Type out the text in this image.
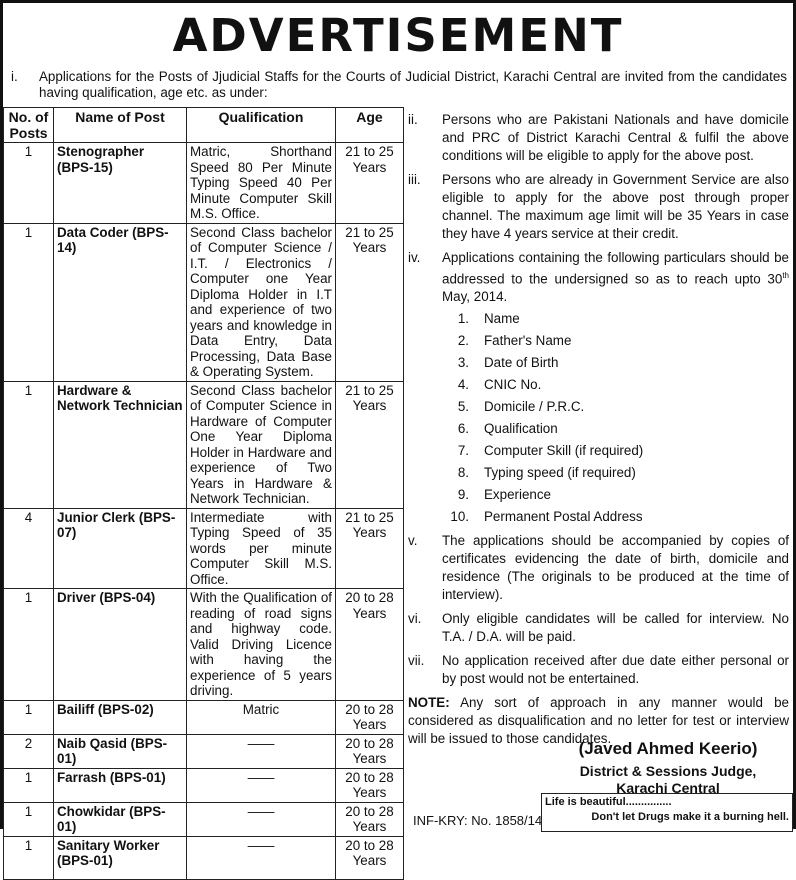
ADVERTISEMENT
i.	Applications for the Posts of Jjudicial Staffs for the Courts of Judicial District, Karachi Central are invited from the candidates having qualification, age etc. as under:
No. of Posts	Name of Post	Qualification	Age
1	Stenographer (BPS-15)	Matric, Shorthand Speed 80 Per Minute Typing Speed 40 Per Minute Computer Skill M.S. Office.	21 to 25 Years
1	Data Coder (BPS-14)	Second Class bachelor of Computer Science / I.T. / Electronics / Computer one Year Diploma Holder in I.T and experience of two years and knowledge in Data Entry, Data Processing, Data Base & Operating System.	21 to 25 Years
1	Hardware & Network Technician	Second Class bachelor of Computer Science in Hardware of Computer One Year Diploma Holder in Hardware and experience of Two Years in Hardware & Network Technician.	21 to 25 Years
4	Junior Clerk (BPS-07)	Intermediate with Typing Speed of 35 words per minute Computer Skill M.S. Office.	21 to 25 Years
1	Driver (BPS-04)	With the Qualification of reading of road signs and highway code. Valid Driving Licence with having the experience of 5 years driving.	20 to 28 Years
1	Bailiff (BPS-02)	Matric	20 to 28 Years
2	Naib Qasid (BPS-01)	——	20 to 28 Years
1	Farrash (BPS-01)	——	20 to 28 Years
1	Chowkidar (BPS-01)	——	20 to 28 Years
1	Sanitary Worker (BPS-01)	——	20 to 28 Years
ii.	Persons who are Pakistani Nationals and have domicile and PRC of District Karachi Central & fulfil the above conditions will be eligible to apply for the above post.
iii.	Persons who are already in Government Service are also eligible to apply for the above post through proper channel. The maximum age limit will be 35 Years in case they have 4 years service at their credit.
iv.	Applications containing the following particulars should be addressed to the undersigned so as to reach upto 30th May, 2014.
1. Name
2. Father's Name
3. Date of Birth
4. CNIC No.
5. Domicile / P.R.C.
6. Qualification
7. Computer Skill (if required)
8. Typing speed (if required)
9. Experience
10. Permanent Postal Address
v.	The applications should be accompanied by copies of certificates evidencing the date of birth, domicile and residence (The originals to be produced at the time of interview).
vi.	Only eligible candidates will be called for interview. No T.A. / D.A. will be paid.
vii.	No application received after due date either personal or by post would not be entertained.
NOTE: Any sort of approach in any manner would be considered as disqualification and no letter for test or interview will be issued to those candidates.
(Javed Ahmed Keerio)
District & Sessions Judge,
Karachi Central
INF-KRY: No. 1858/14
Life is beautiful...............
Don't let Drugs make it a burning hell.
